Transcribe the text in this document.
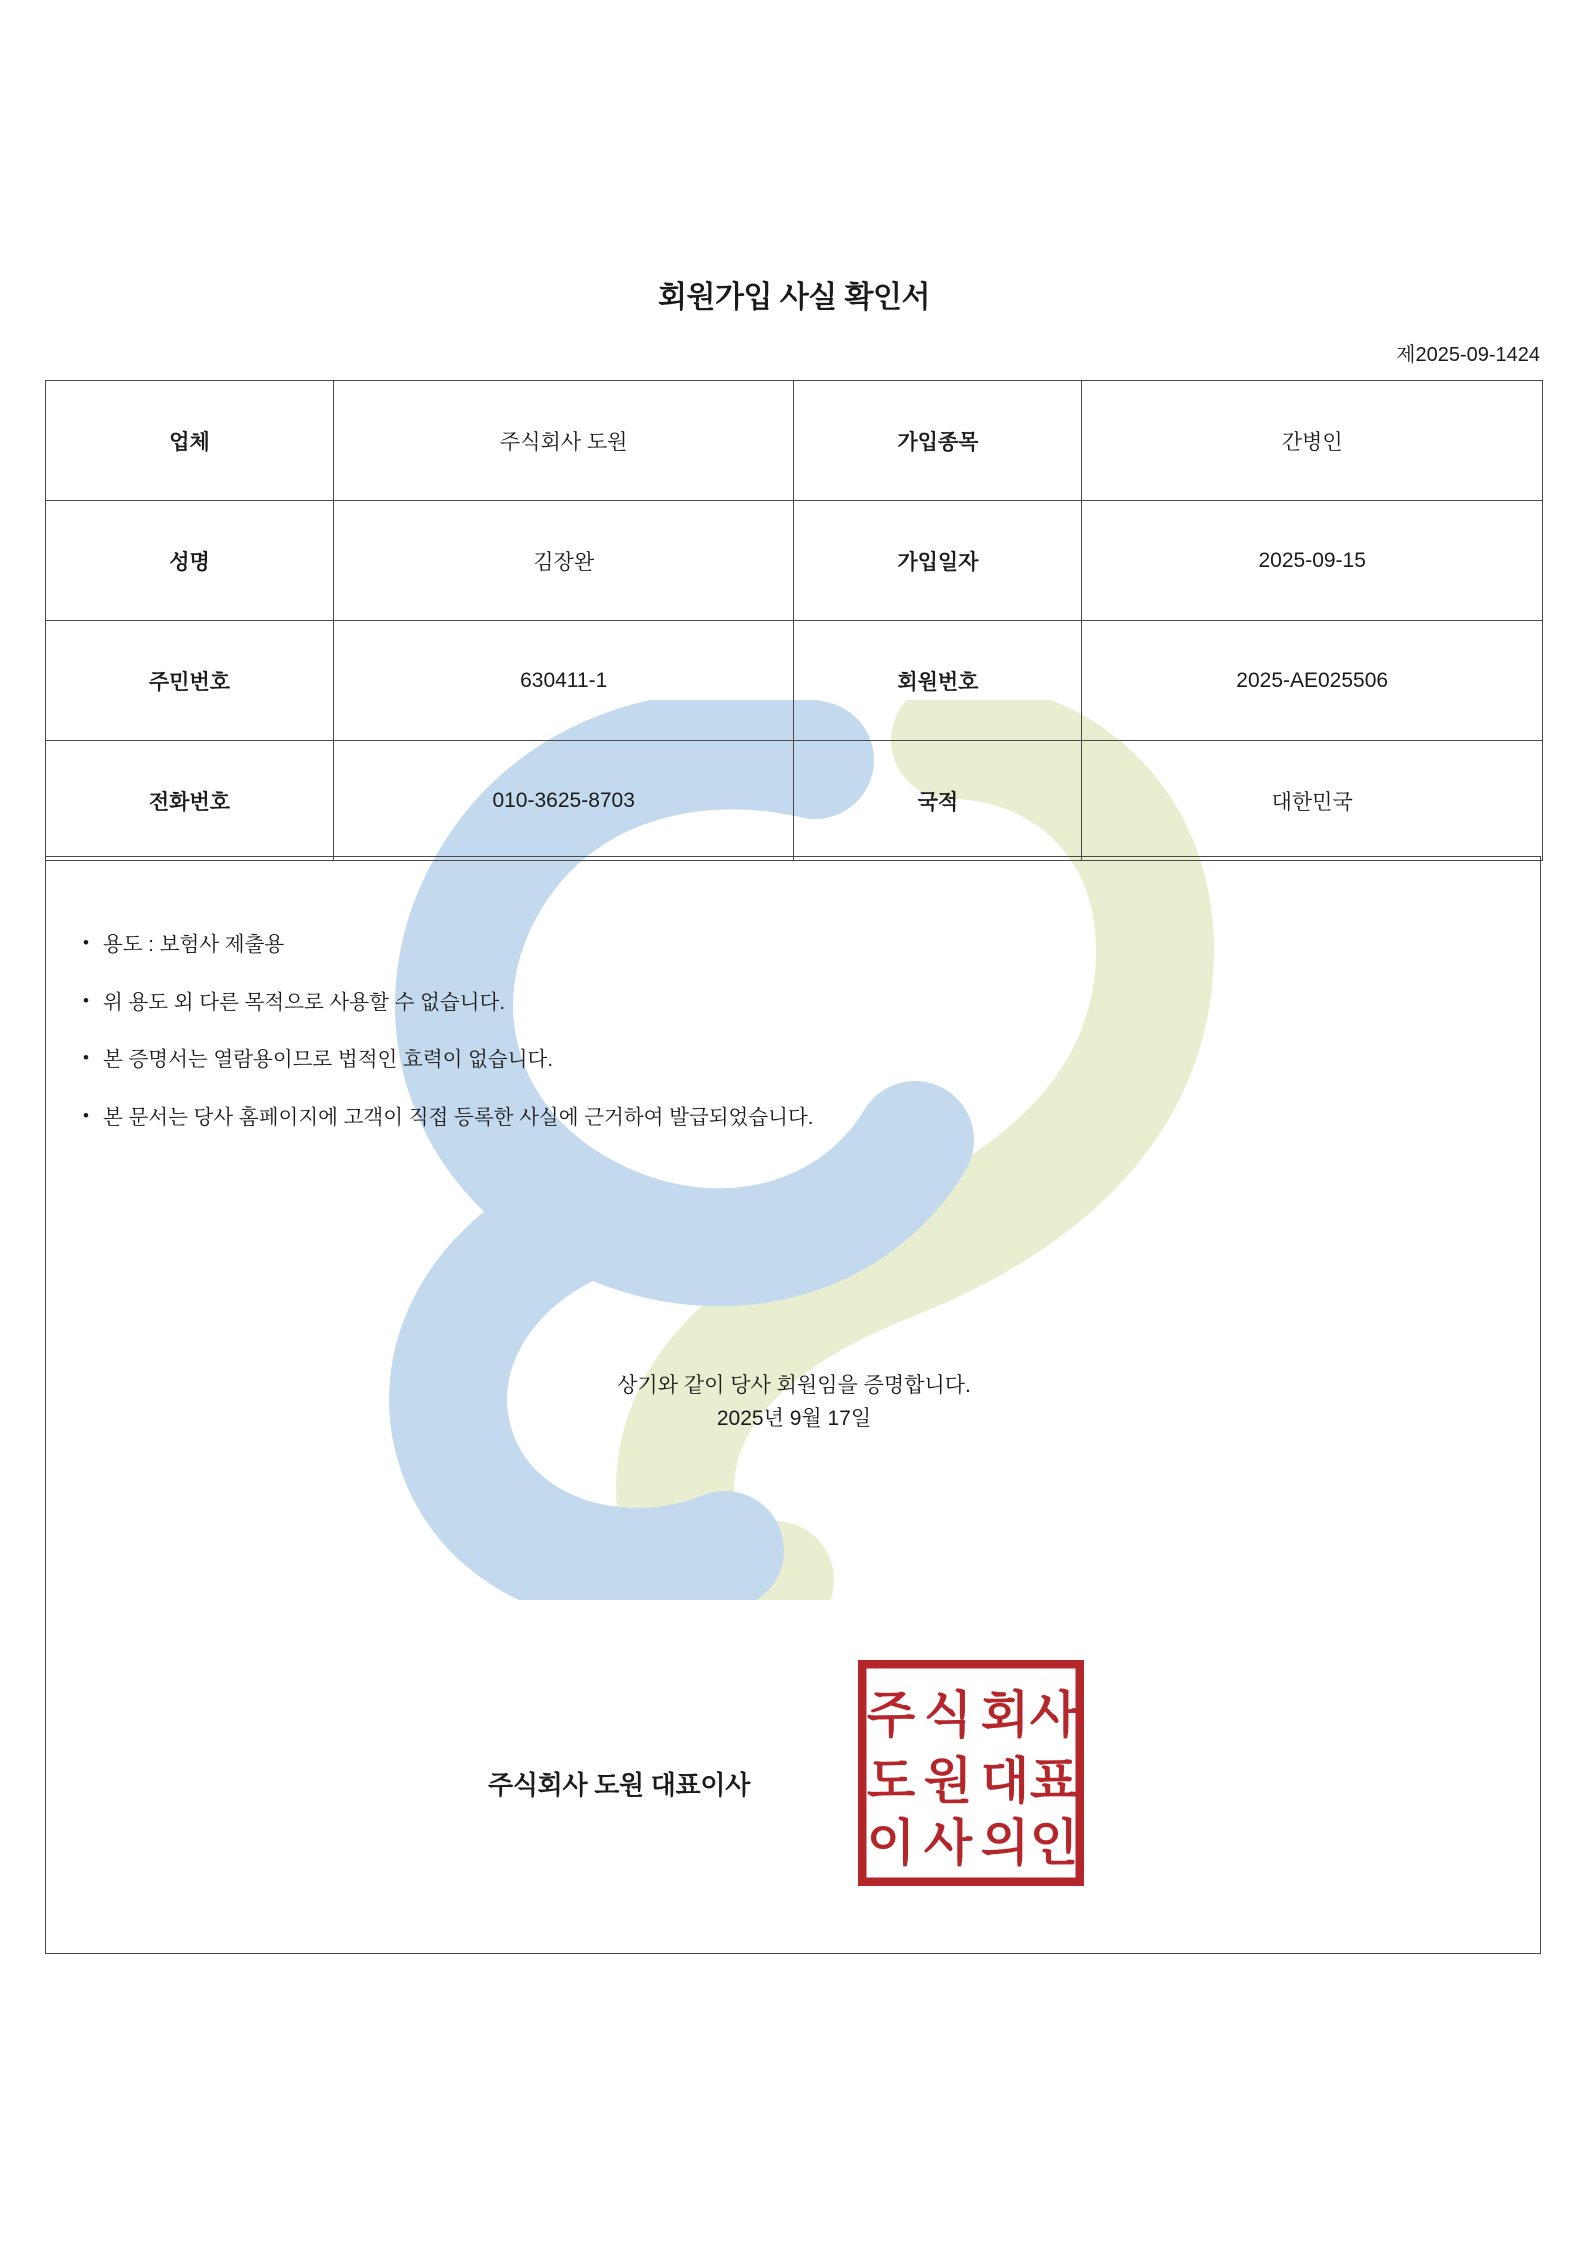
회원가입 사실 확인서
제2025-09-1424
업체	주식회사 도원	가입종목	간병인
성명	김장완	가입일자	2025-09-15
주민번호	630411-1	회원번호	2025-AE025506
전화번호	010-3625-8703	국적	대한민국
• 용도 : 보험사 제출용
• 위 용도 외 다른 목적으로 사용할 수 없습니다.
• 본 증명서는 열람용이므로 법적인 효력이 없습니다.
• 본 문서는 당사 홈페이지에 고객이 직접 등록한 사실에 근거하여 발급되었습니다.
상기와 같이 당사 회원임을 증명합니다.
2025년 9월 17일
주식회사 도원 대표이사
주 식 회 사
도 원 대 표
이 사 의 인
